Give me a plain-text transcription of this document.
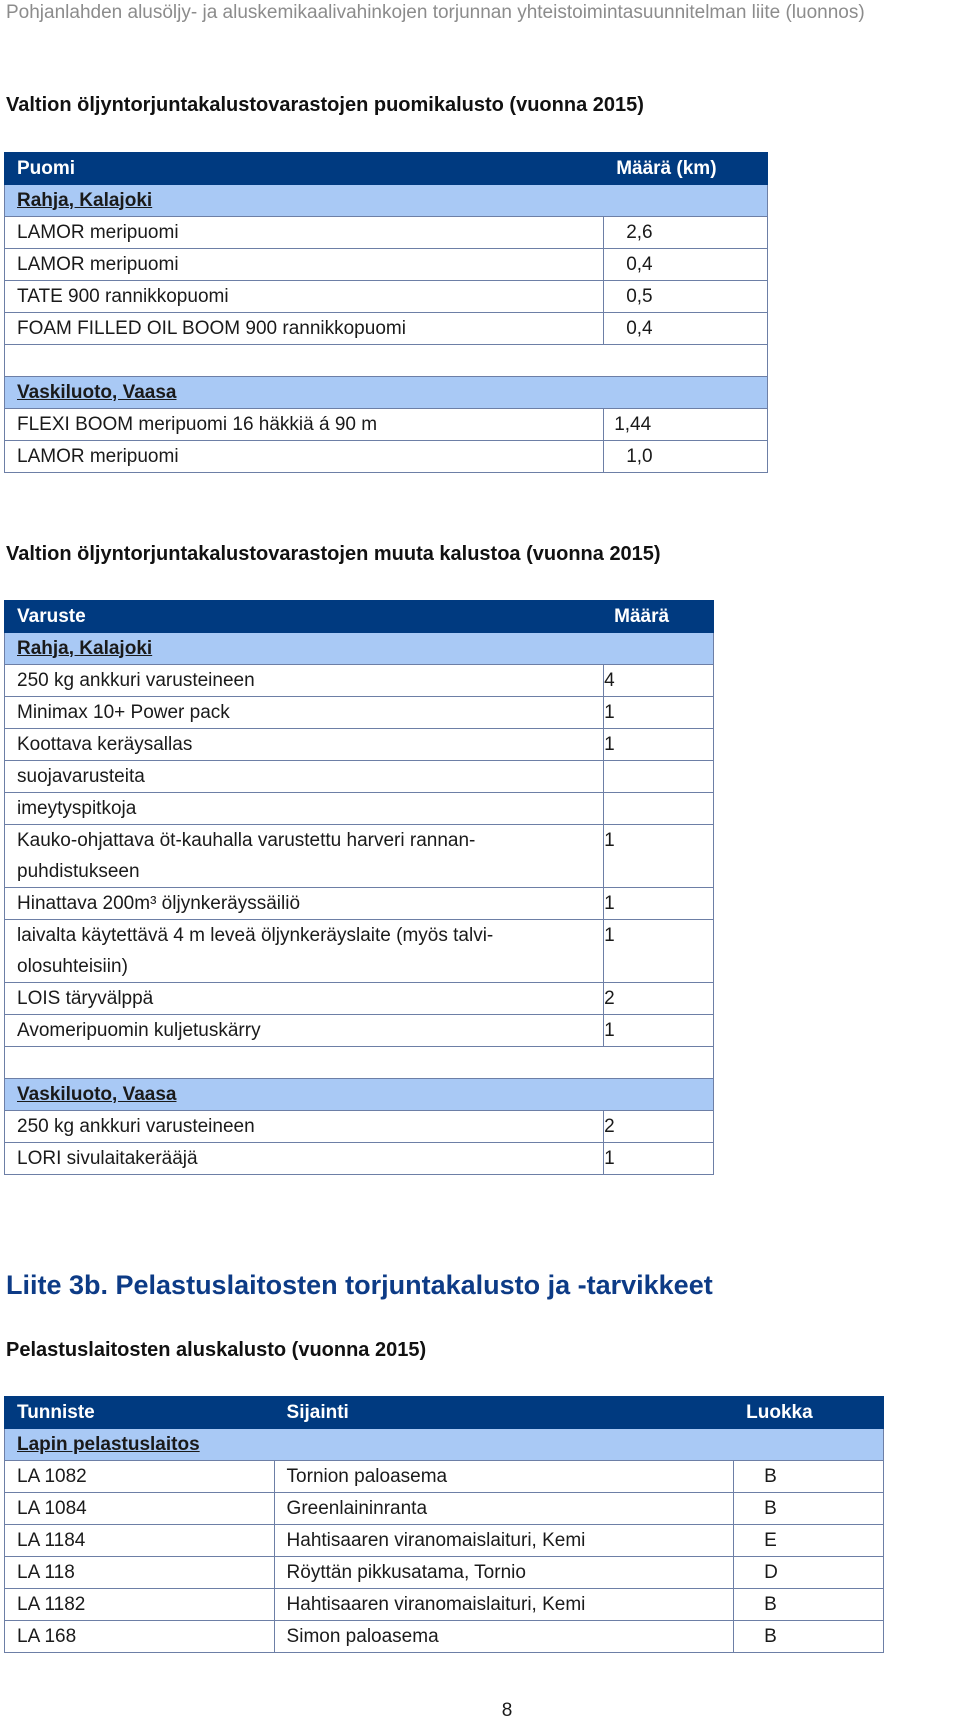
Pohjanlahden alusöljy- ja aluskemikaalivahinkojen torjunnan yhteistoimintasuunnitelman liite (luonnos)
Valtion öljyntorjuntakalustovarastojen puomikalusto (vuonna 2015)
Puomi	Määrä (km)
Rahja, Kalajoki	
LAMOR meripuomi	2,6
LAMOR meripuomi	0,4
TATE 900 rannikkopuomi	0,5
FOAM FILLED OIL BOOM 900 rannikkopuomi	0,4

Vaskiluoto, Vaasa	
FLEXI BOOM meripuomi 16 häkkiä á 90 m	1,44
LAMOR meripuomi	1,0
Valtion öljyntorjuntakalustovarastojen muuta kalustoa (vuonna 2015)
Varuste	Määrä
Rahja, Kalajoki	
250 kg ankkuri varusteineen	4
Minimax 10+ Power pack	1
Koottava keräysallas	1
suojavarusteita	
imeytyspitkoja	
Kauko-ohjattava öt-kauhalla varustettu harveri rannan-puhdistukseen	1
Hinattava 200m³ öljynkeräyssäiliö	1
laivalta käytettävä 4 m leveä öljynkeräyslaite (myös talvi-olosuhteisiin)	1
LOIS täryvälppä	2
Avomeripuomin kuljetuskärry	1

Vaskiluoto, Vaasa	
250 kg ankkuri varusteineen	2
LORI sivulaitakerääjä	1
Liite 3b. Pelastuslaitosten torjuntakalusto ja -tarvikkeet
Pelastuslaitosten aluskalusto (vuonna 2015)
Tunniste	Sijainti	Luokka
Lapin pelastuslaitos		
LA 1082	Tornion paloasema	B
LA 1084	Greenlaininranta	B
LA 1184	Hahtisaaren viranomaislaituri, Kemi	E
LA 118	Röyttän pikkusatama, Tornio	D
LA 1182	Hahtisaaren viranomaislaituri, Kemi	B
LA 168	Simon paloasema	B
8
